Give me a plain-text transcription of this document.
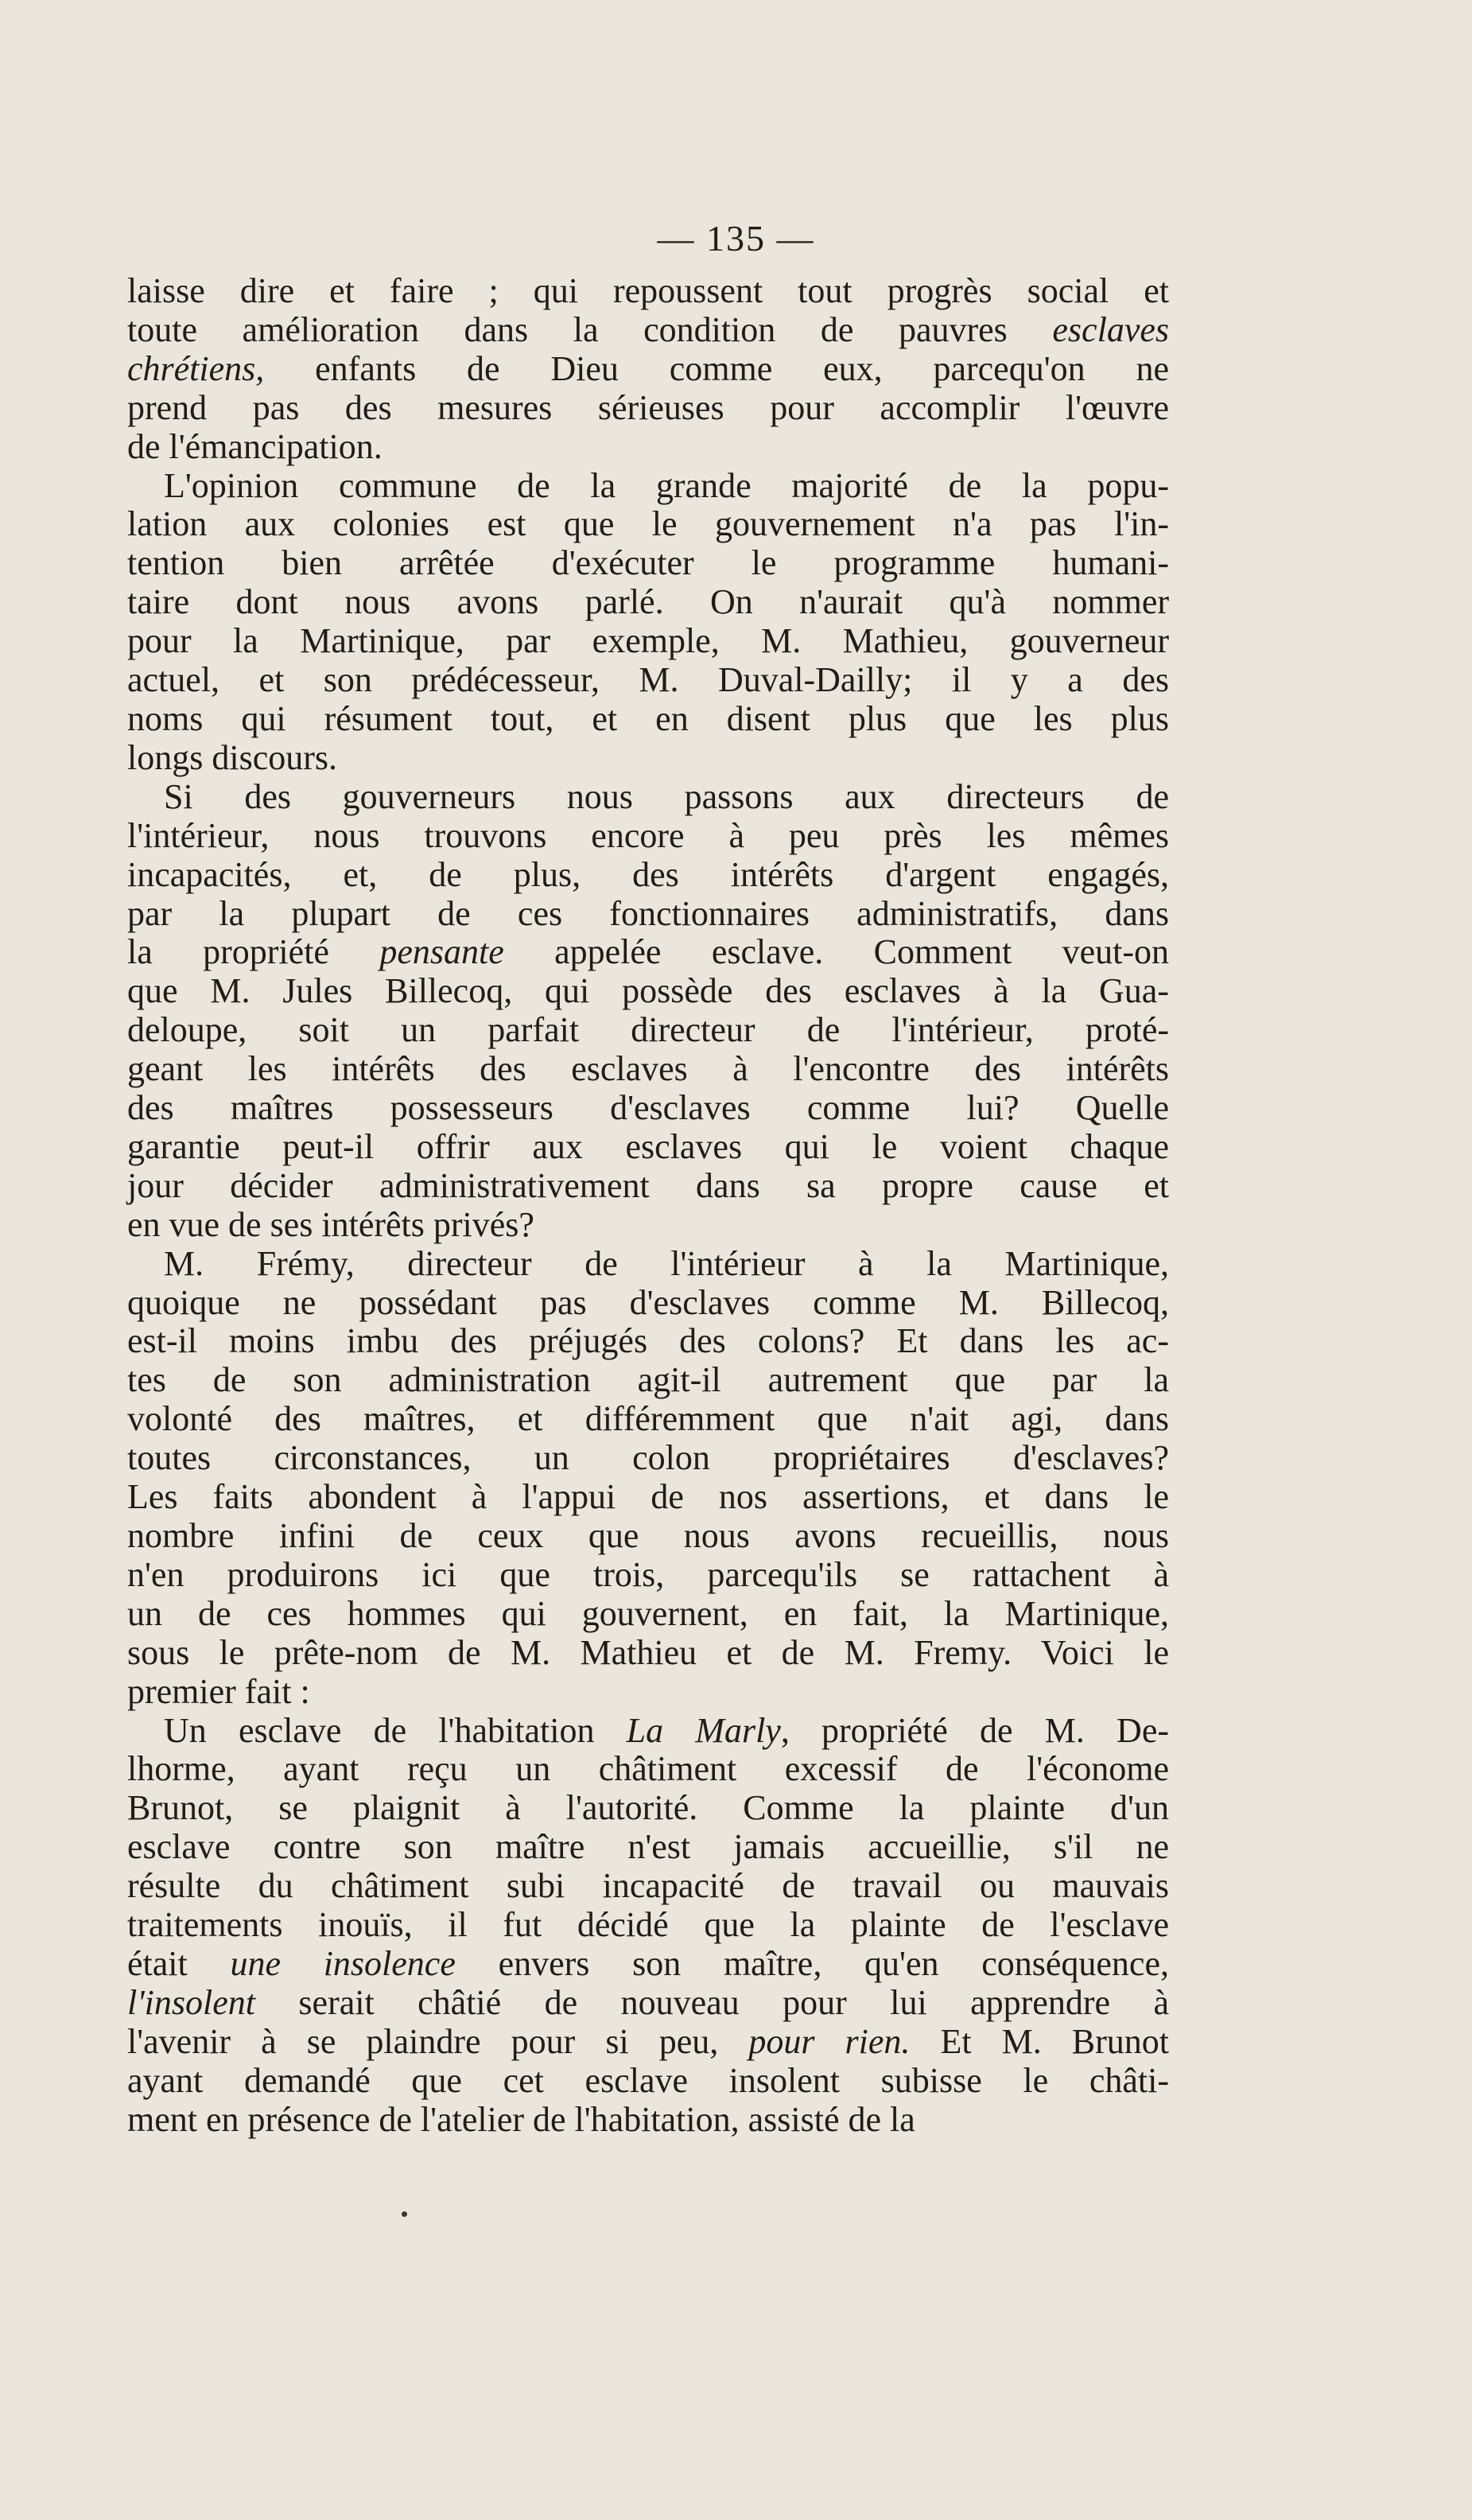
— 135 —
laisse dire et faire ; qui repoussent tout progrès social et
toute amélioration dans la condition de pauvres esclaves
chrétiens, enfants de Dieu comme eux, parcequ'on ne
prend pas des mesures sérieuses pour accomplir l'œuvre
de l'émancipation.
L'opinion commune de la grande majorité de la popu-
lation aux colonies est que le gouvernement n'a pas l'in-
tention bien arrêtée d'exécuter le programme humani-
taire dont nous avons parlé. On n'aurait qu'à nommer
pour la Martinique, par exemple, M. Mathieu, gouverneur
actuel, et son prédécesseur, M. Duval-Dailly; il y a des
noms qui résument tout, et en disent plus que les plus
longs discours.
Si des gouverneurs nous passons aux directeurs de
l'intérieur, nous trouvons encore à peu près les mêmes
incapacités, et, de plus, des intérêts d'argent engagés,
par la plupart de ces fonctionnaires administratifs, dans
la propriété pensante appelée esclave. Comment veut-on
que M. Jules Billecoq, qui possède des esclaves à la Gua-
deloupe, soit un parfait directeur de l'intérieur, proté-
geant les intérêts des esclaves à l'encontre des intérêts
des maîtres possesseurs d'esclaves comme lui? Quelle
garantie peut-il offrir aux esclaves qui le voient chaque
jour décider administrativement dans sa propre cause et
en vue de ses intérêts privés?
M. Frémy, directeur de l'intérieur à la Martinique,
quoique ne possédant pas d'esclaves comme M. Billecoq,
est-il moins imbu des préjugés des colons? Et dans les ac-
tes de son administration agit-il autrement que par la
volonté des maîtres, et différemment que n'ait agi, dans
toutes circonstances, un colon propriétaires d'esclaves?
Les faits abondent à l'appui de nos assertions, et dans le
nombre infini de ceux que nous avons recueillis, nous
n'en produirons ici que trois, parcequ'ils se rattachent à
un de ces hommes qui gouvernent, en fait, la Martinique,
sous le prête-nom de M. Mathieu et de M. Fremy. Voici le
premier fait :
Un esclave de l'habitation La Marly, propriété de M. De-
lhorme, ayant reçu un châtiment excessif de l'économe
Brunot, se plaignit à l'autorité. Comme la plainte d'un
esclave contre son maître n'est jamais accueillie, s'il ne
résulte du châtiment subi incapacité de travail ou mauvais
traitements inouïs, il fut décidé que la plainte de l'esclave
était une insolence envers son maître, qu'en conséquence,
l'insolent serait châtié de nouveau pour lui apprendre à
l'avenir à se plaindre pour si peu, pour rien. Et M. Brunot
ayant demandé que cet esclave insolent subisse le châti-
ment en présence de l'atelier de l'habitation, assisté de la
